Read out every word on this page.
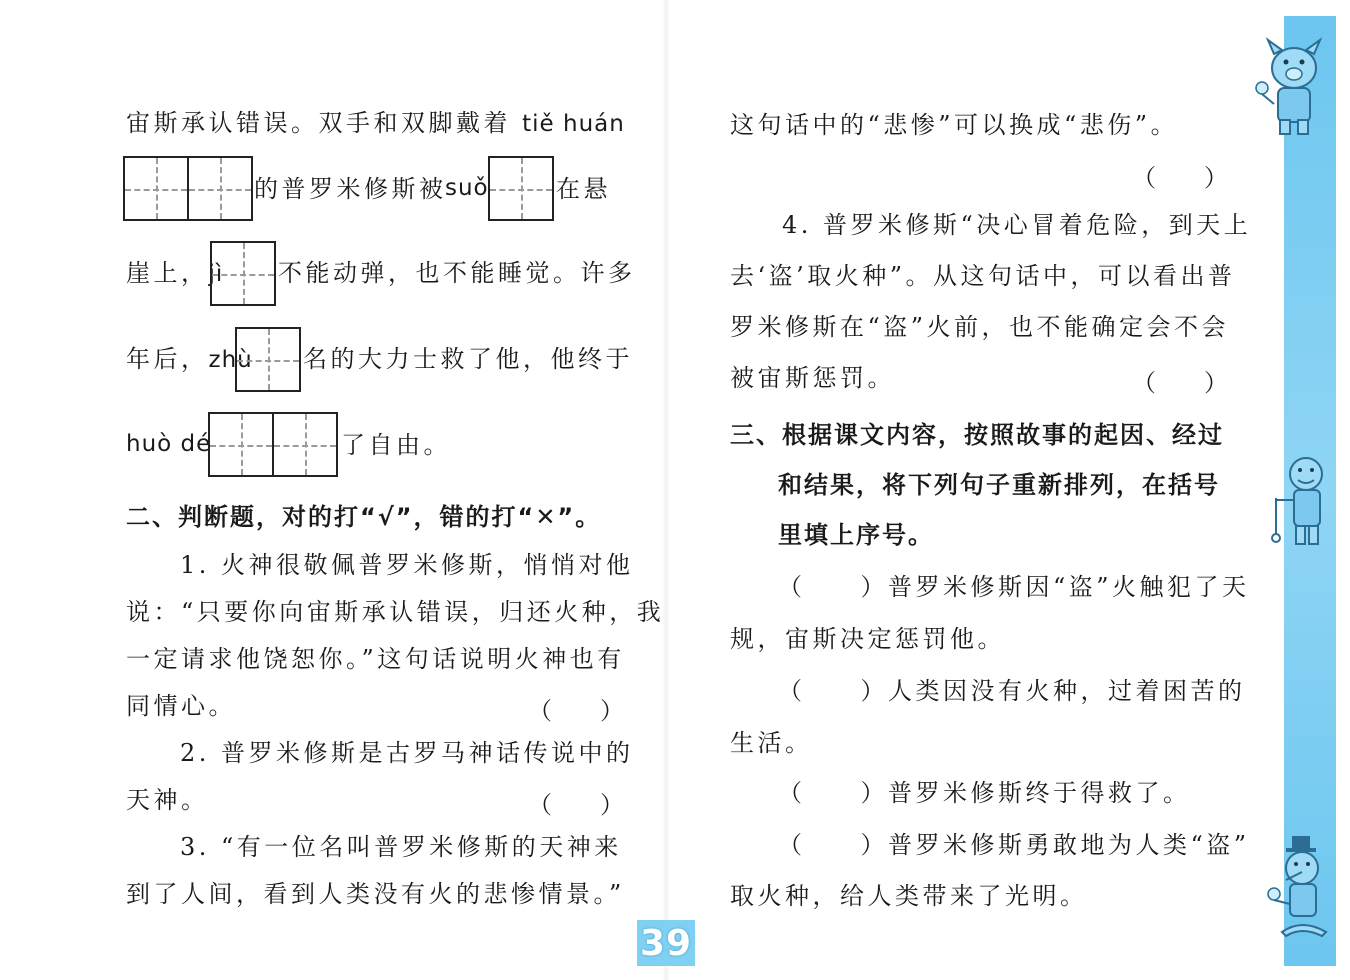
宙斯承认错误。双手和双脚戴着 tiě huán
的普罗米修斯被
suǒ	在悬
崖上，jì 不能动弹，也不能睡觉。许多
年后，zhù 名的大力士救了他，他终于
huò dé	了自由。
二、判断题，对的打“√”，错的打“✕”。
1. 火神很敬佩普罗米修斯，悄悄对他
说：“只要你向宙斯承认错误，归还火种，我
一定请求他饶恕你。”这句话说明火神也有
同情心。	（　　）
2. 普罗米修斯是古罗马神话传说中的
天神。	（　　）
3. “有一位名叫普罗米修斯的天神来
到了人间，看到人类没有火的悲惨情景。”
这句话中的“悲惨”可以换成“悲伤”。
（　　）
4. 普罗米修斯“决心冒着危险，到天上
去‘盗’取火种”。从这句话中，可以看出普
罗米修斯在“盗”火前，也不能确定会不会
被宙斯惩罚。	（　　）
三、根据课文内容，按照故事的起因、经过
和结果，将下列句子重新排列，在括号
里填上序号。
（　　）普罗米修斯因“盗”火触犯了天
规，宙斯决定惩罚他。
（　　）人类因没有火种，过着困苦的
生活。
（　　）普罗米修斯终于得救了。
（　　）普罗米修斯勇敢地为人类“盗”
取火种，给人类带来了光明。
39
